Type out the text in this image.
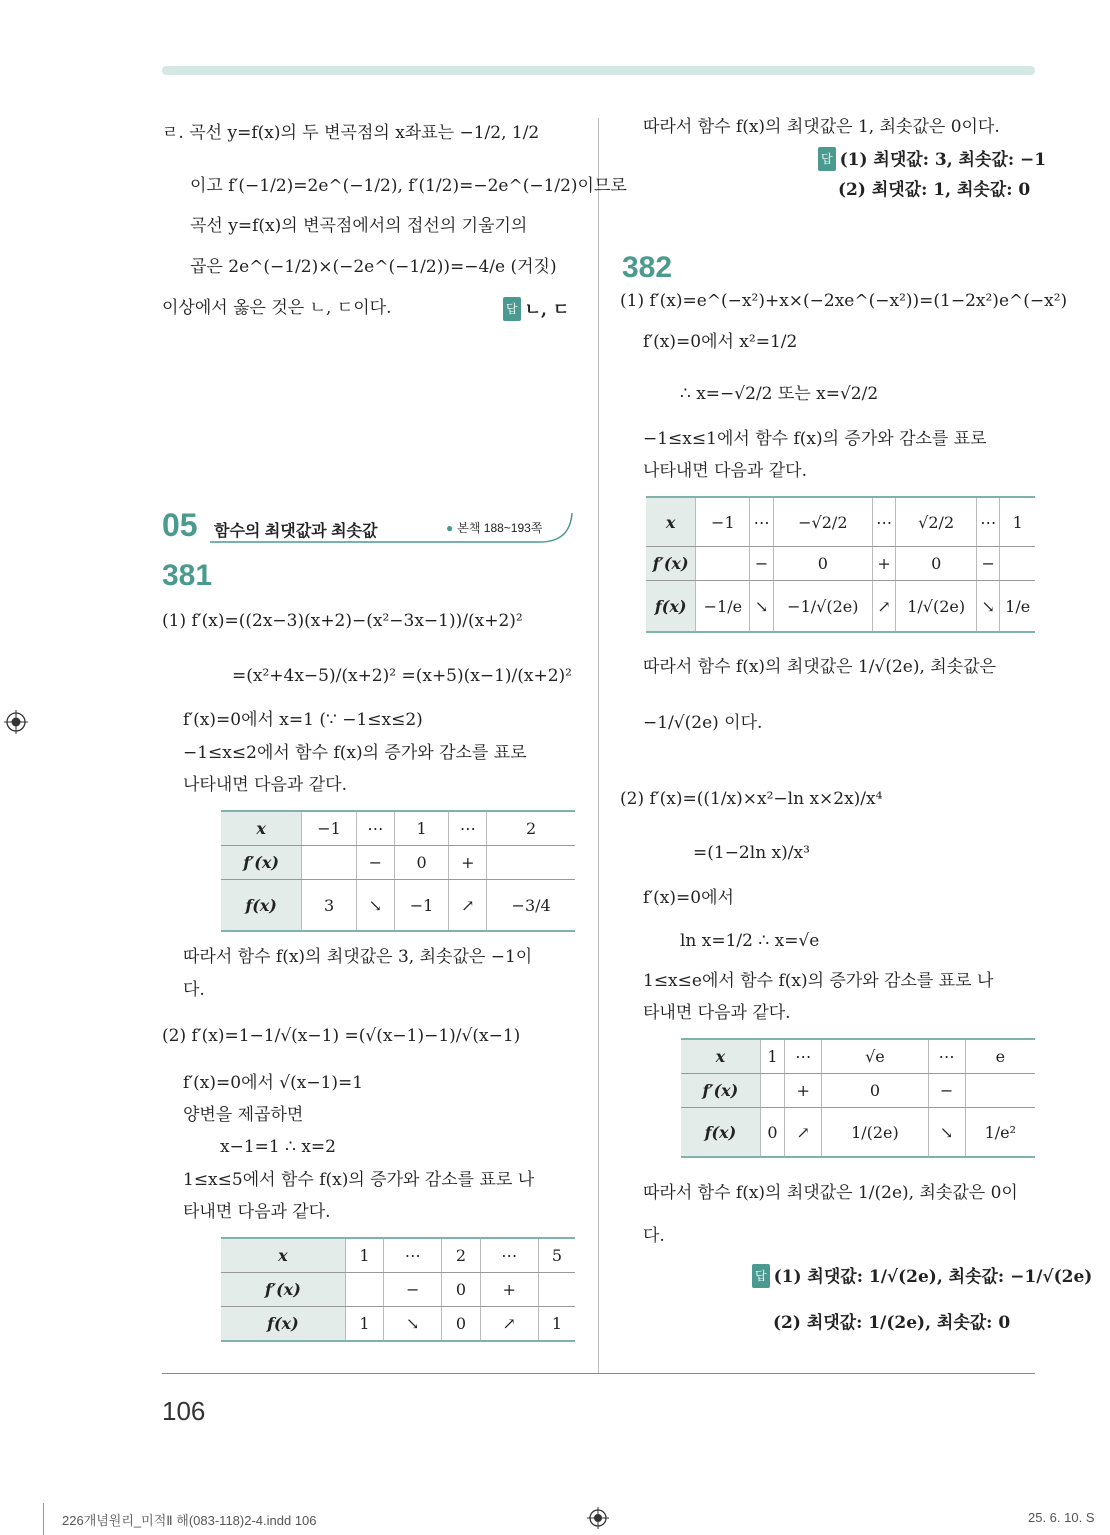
ㄹ. 곡선 y=f(x)의 두 변곡점의 x좌표는 −1/2, 1/2
이고 f′(−1/2)=2e^(−1/2), f′(1/2)=−2e^(−1/2)이므로
곡선 y=f(x)의 변곡점에서의 접선의 기울기의
곱은 2e^(−1/2)×(−2e^(−1/2))=−4/e (거짓)
이상에서 옳은 것은 ㄴ, ㄷ이다.	답 ㄴ, ㄷ
05 함수의 최댓값과 최솟값	● 본책 188~193쪽
381
(1) f′(x)=((2x−3)(x+2)−(x²−3x−1))/(x+2)²
=(x²+4x−5)/(x+2)² =(x+5)(x−1)/(x+2)²
f′(x)=0에서 x=1 (∵ −1≤x≤2)
−1≤x≤2에서 함수 f(x)의 증가와 감소를 표로
나타내면 다음과 같다.
x	−1	⋯	1	⋯	2
f′(x)		−	0	+	
f(x)	3	↘	−1	↗	−3/4
따라서 함수 f(x)의 최댓값은 3, 최솟값은 −1이
다.
(2) f′(x)=1−1/√(x−1) =(√(x−1)−1)/√(x−1)
f′(x)=0에서 √(x−1)=1
양변을 제곱하면
x−1=1 ∴ x=2
1≤x≤5에서 함수 f(x)의 증가와 감소를 표로 나
타내면 다음과 같다.
x	1	⋯	2	⋯	5
f′(x)		−	0	+	
f(x)	1	↘	0	↗	1
따라서 함수 f(x)의 최댓값은 1, 최솟값은 0이다.
답 (1) 최댓값: 3, 최솟값: −1
(2) 최댓값: 1, 최솟값: 0
382
(1) f′(x)=e^(−x²)+x×(−2xe^(−x²))=(1−2x²)e^(−x²)
f′(x)=0에서 x²=1/2
∴ x=−√2/2 또는 x=√2/2
−1≤x≤1에서 함수 f(x)의 증가와 감소를 표로
나타내면 다음과 같다.
x	−1	⋯	−√2/2	⋯	√2/2	⋯	1
f′(x)		−	0	+	0	−	
f(x)	−1/e	↘	−1/√(2e)	↗	1/√(2e)	↘	1/e
따라서 함수 f(x)의 최댓값은 1/√(2e), 최솟값은
−1/√(2e) 이다.
(2) f′(x)=((1/x)×x²−ln x×2x)/x⁴
=(1−2ln x)/x³
f′(x)=0에서
ln x=1/2 ∴ x=√e
1≤x≤e에서 함수 f(x)의 증가와 감소를 표로 나
타내면 다음과 같다.
x	1	⋯	√e	⋯	e
f′(x)		+	0	−	
f(x)	0	↗	1/(2e)	↘	1/e²
따라서 함수 f(x)의 최댓값은 1/(2e), 최솟값은 0이
다.
답 (1) 최댓값: 1/√(2e), 최솟값: −1/√(2e)
(2) 최댓값: 1/(2e), 최솟값: 0
106
226개념원리_미적Ⅱ 해(083-118)2-4.indd 106	25. 6. 10. S
